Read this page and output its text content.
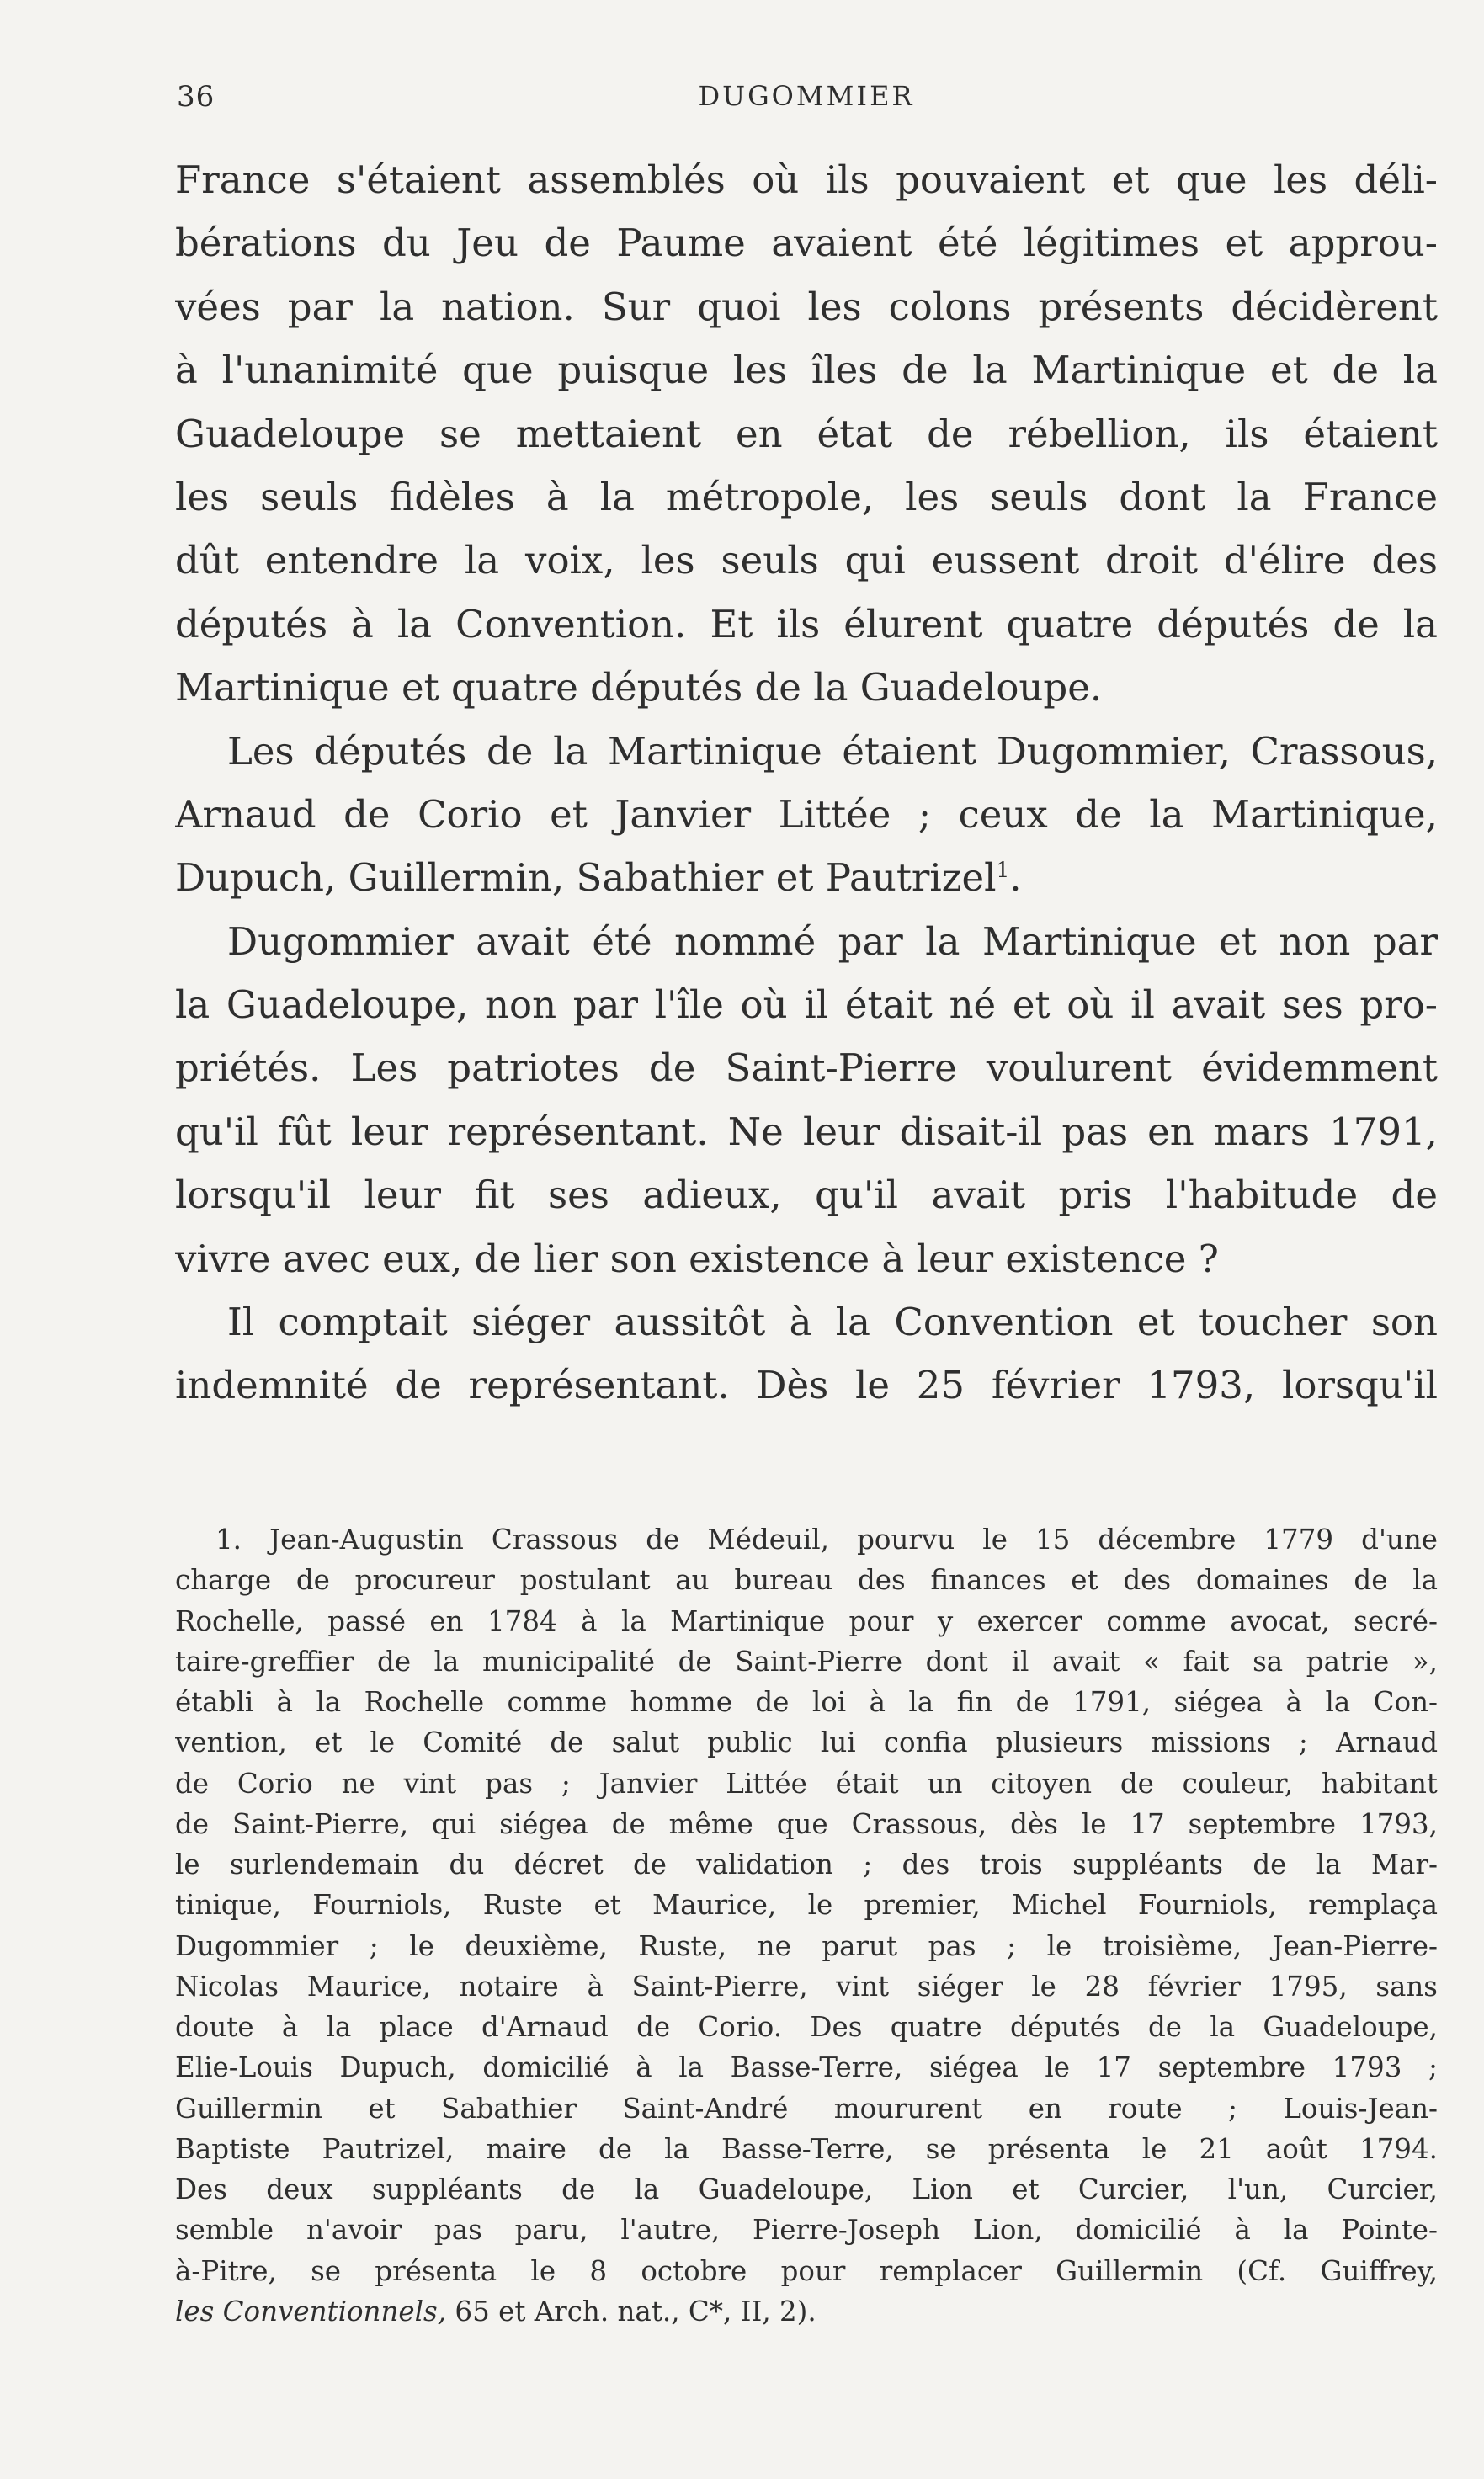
36	DUGOMMIER
France s'étaient assemblés où ils pouvaient et que les déli-
bérations du Jeu de Paume avaient été légitimes et approu-
vées par la nation. Sur quoi les colons présents décidèrent
à l'unanimité que puisque les îles de la Martinique et de la
Guadeloupe se mettaient en état de rébellion, ils étaient
les seuls fidèles à la métropole, les seuls dont la France
dût entendre la voix, les seuls qui eussent droit d'élire des
députés à la Convention. Et ils élurent quatre députés de la
Martinique et quatre députés de la Guadeloupe.
Les députés de la Martinique étaient Dugommier, Crassous,
Arnaud de Corio et Janvier Littée ; ceux de la Martinique,
Dupuch, Guillermin, Sabathier et Pautrizel$^1$.
Dugommier avait été nommé par la Martinique et non par
la Guadeloupe, non par l'île où il était né et où il avait ses pro-
priétés. Les patriotes de Saint-Pierre voulurent évidemment
qu'il fût leur représentant. Ne leur disait-il pas en mars 1791,
lorsqu'il leur fit ses adieux, qu'il avait pris l'habitude de
vivre avec eux, de lier son existence à leur existence ?
Il comptait siéger aussitôt à la Convention et toucher son
indemnité de représentant. Dès le 25 février 1793, lorsqu'il
1. Jean-Augustin Crassous de Médeuil, pourvu le 15 décembre 1779 d'une
charge de procureur postulant au bureau des finances et des domaines de la
Rochelle, passé en 1784 à la Martinique pour y exercer comme avocat, secré-
taire-greffier de la municipalité de Saint-Pierre dont il avait « fait sa patrie »,
établi à la Rochelle comme homme de loi à la fin de 1791, siégea à la Con-
vention, et le Comité de salut public lui confia plusieurs missions ; Arnaud
de Corio ne vint pas ; Janvier Littée était un citoyen de couleur, habitant
de Saint-Pierre, qui siégea de même que Crassous, dès le 17 septembre 1793,
le surlendemain du décret de validation ; des trois suppléants de la Mar-
tinique, Fourniols, Ruste et Maurice, le premier, Michel Fourniols, remplaça
Dugommier ; le deuxième, Ruste, ne parut pas ; le troisième, Jean-Pierre-
Nicolas Maurice, notaire à Saint-Pierre, vint siéger le 28 février 1795, sans
doute à la place d'Arnaud de Corio. Des quatre députés de la Guadeloupe,
Elie-Louis Dupuch, domicilié à la Basse-Terre, siégea le 17 septembre 1793 ;
Guillermin et Sabathier Saint-André moururent en route ; Louis-Jean-
Baptiste Pautrizel, maire de la Basse-Terre, se présenta le 21 août 1794.
Des deux suppléants de la Guadeloupe, Lion et Curcier, l'un, Curcier,
semble n'avoir pas paru, l'autre, Pierre-Joseph Lion, domicilié à la Pointe-
à-Pitre, se présenta le 8 octobre pour remplacer Guillermin (Cf. Guiffrey,
les Conventionnels, 65 et Arch. nat., C*, II, 2).
